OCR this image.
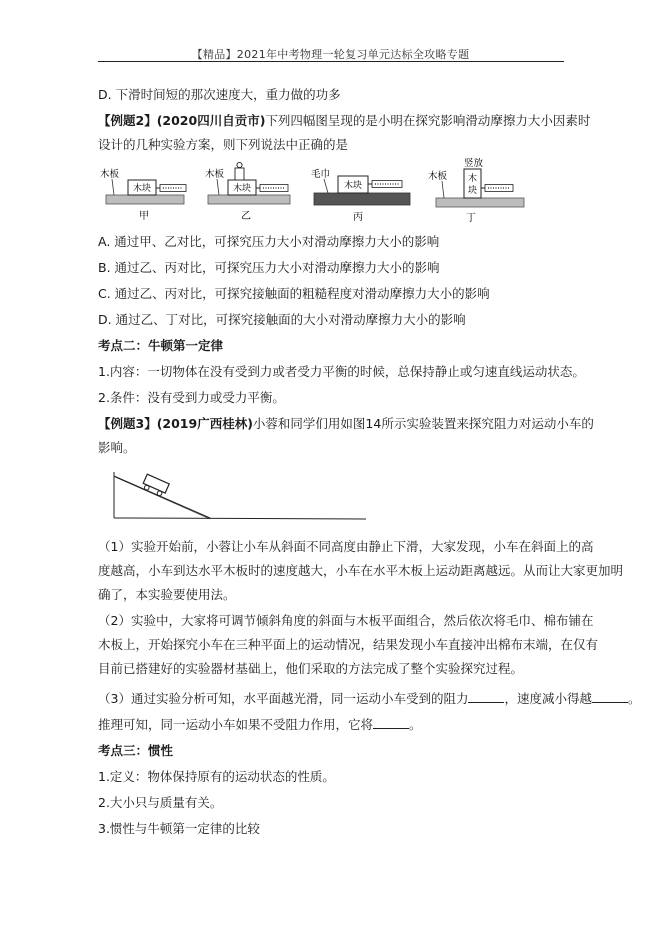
【精品】2021年中考物理一轮复习单元达标全攻略专题
D. 下滑时间短的那次速度大，重力做的功多
【例题2】(2020四川自贡市)下列四幅图呈现的是小明在探究影响滑动摩擦力大小因素时
设计的几种实验方案，则下列说法中正确的是
木板
木块
甲
木板
木块
乙
毛巾
木块
丙
木板
竖放
木
块
丁
A. 通过甲、乙对比，可探究压力大小对滑动摩擦力大小的影响
B. 通过乙、丙对比，可探究压力大小对滑动摩擦力大小的影响
C. 通过乙、丙对比，可探究接触面的粗糙程度对滑动摩擦力大小的影响
D. 通过乙、丁对比，可探究接触面的大小对滑动摩擦力大小的影响
考点二：牛顿第一定律
1.内容：一切物体在没有受到力或者受力平衡的时候，总保持静止或匀速直线运动状态。
2.条件：没有受到力或受力平衡。
【例题3】(2019广西桂林)小蓉和同学们用如图14所示实验装置来探究阻力对运动小车的
影响。
（1）实验开始前，小蓉让小车从斜面不同高度由静止下滑，大家发现，小车在斜面上的高
度越高，小车到达水平木板时的速度越大，小车在水平木板上运动距离越远。从而让大家更加明
确了，本实验要使用法。
（2）实验中，大家将可调节倾斜角度的斜面与木板平面组合，然后依次将毛巾、棉布铺在
木板上，开始探究小车在三种平面上的运动情况，结果发现小车直接冲出棉布末端，在仅有
目前已搭建好的实验器材基础上，他们采取的方法完成了整个实验探究过程。
（3）通过实验分析可知，水平面越光滑，同一运动小车受到的阻力	，速度减小得越	。
推理可知，同一运动小车如果不受阻力作用，它将	。
考点三：惯性
1.定义：物体保持原有的运动状态的性质。
2.大小只与质量有关。
3.惯性与牛顿第一定律的比较
